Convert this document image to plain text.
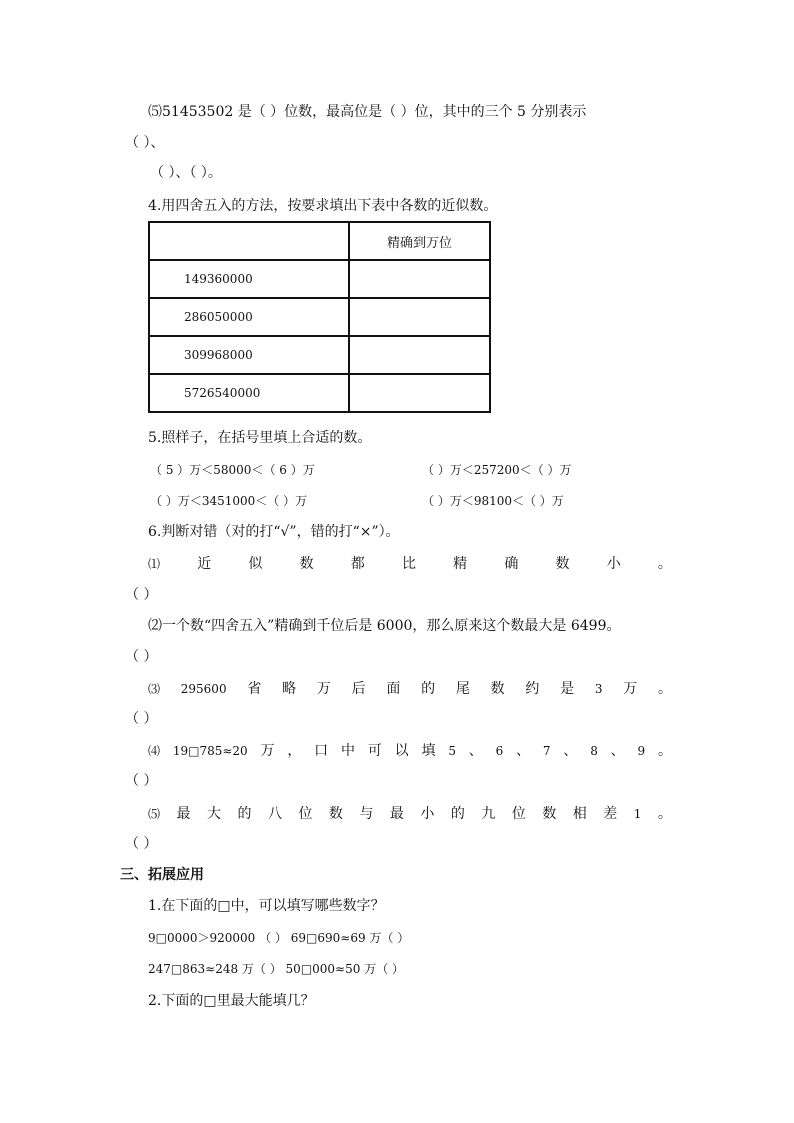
⑸51453502 是（ ）位数，最高位是（ ）位，其中的三个 5 分别表示
（ ）、
（ ）、（ ）。
4.用四舍五入的方法，按要求填出下表中各数的近似数。
	精确到万位
149360000	
286050000	
309968000	
5726540000	
5.照样子，在括号里填上合适的数。
（ 5 ）万＜58000＜（ 6 ）万	（ ）万＜257200＜（ ）万
（ ）万＜3451000＜（ ）万	（ ）万＜98100＜（ ）万
6.判断对错（对的打“√”，错的打“×”）。
⑴	近	似	数	都	比	精	确	数	小	。
（ ）
⑵一个数“四舍五入”精确到千位后是 6000，那么原来这个数最大是 6499。
（ ）
⑶ 295600 省 略 万 后 面 的 尾 数 约 是 3 万 。
（ ）
⑷ 19□785≈20 万 ， 口 中 可 以 填 5 、 6 、 7 、 8 、 9 。
（ ）
⑸ 最 大 的 八 位 数 与 最 小 的 九 位 数 相 差 1 。
（ ）
三、拓展应用
1.在下面的□中，可以填写哪些数字？
9□0000＞920000 （ ） 69□690≈69 万（ ）
247□863≈248 万（ ） 50□000≈50 万（ ）
2.下面的□里最大能填几？
